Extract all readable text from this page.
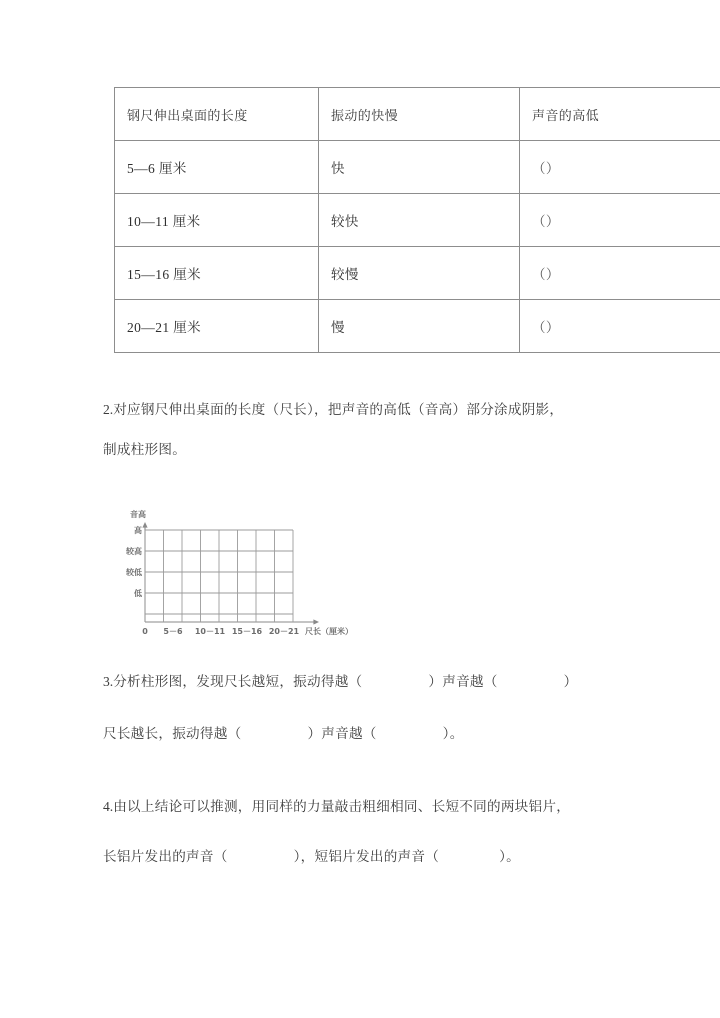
钢尺伸出桌面的长度	振动的快慢	声音的高低
5—6 厘米	快	（）
10—11 厘米	较快	（）
15—16 厘米	较慢	（）
20—21 厘米	慢	（）
2.对应钢尺伸出桌面的长度（尺长），把声音的高低（音高）部分涂成阴影，
制成柱形图。
音高
高
较高
较低
低
0 5－6 10－11 15－16 20－21 尺长（厘米）
3.分析柱形图，发现尺长越短，振动得越（	）声音越（	）
尺长越长，振动得越（	）声音越（	）。
4.由以上结论可以推测，用同样的力量敲击粗细相同、长短不同的两块铝片，
长铝片发出的声音（	），短铝片发出的声音（	）。
